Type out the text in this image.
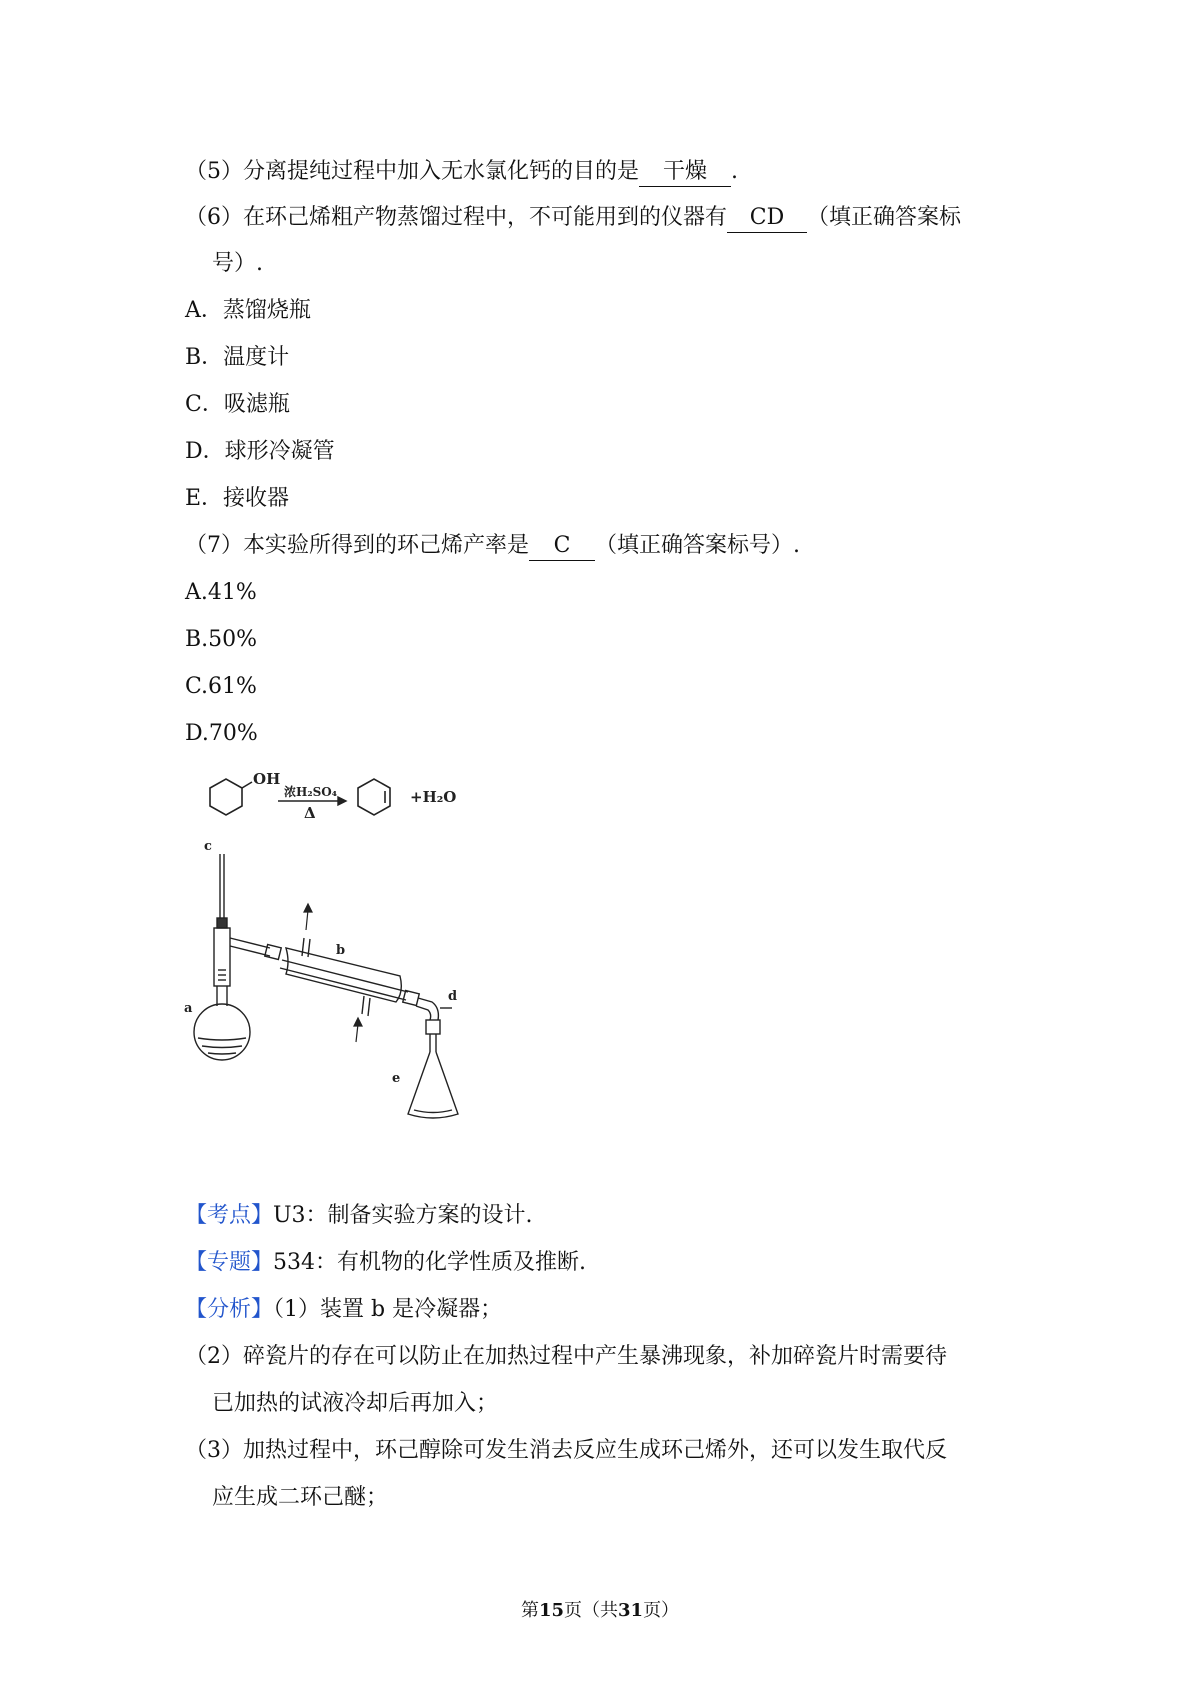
（5）分离提纯过程中加入无水氯化钙的目的是 干燥 .
（6）在环己烯粗产物蒸馏过程中，不可能用到的仪器有 CD （填正确答案标
号）.
A．蒸馏烧瓶
B．温度计
C．吸滤瓶
D．球形冷凝管
E．接收器
（7）本实验所得到的环己烯产率是 C （填正确答案标号）.
A.41%
B.50%
C.61%
D.70%
OH
浓H₂SO₄
Δ
+H₂O
c
a
b
d
e
【考点】U3：制备实验方案的设计.
【专题】534：有机物的化学性质及推断.
【分析】（1）装置 b 是冷凝器；
（2）碎瓷片的存在可以防止在加热过程中产生暴沸现象，补加碎瓷片时需要待
已加热的试液冷却后再加入；
（3）加热过程中，环己醇除可发生消去反应生成环己烯外，还可以发生取代反
应生成二环己醚；
第15页（共31页）
